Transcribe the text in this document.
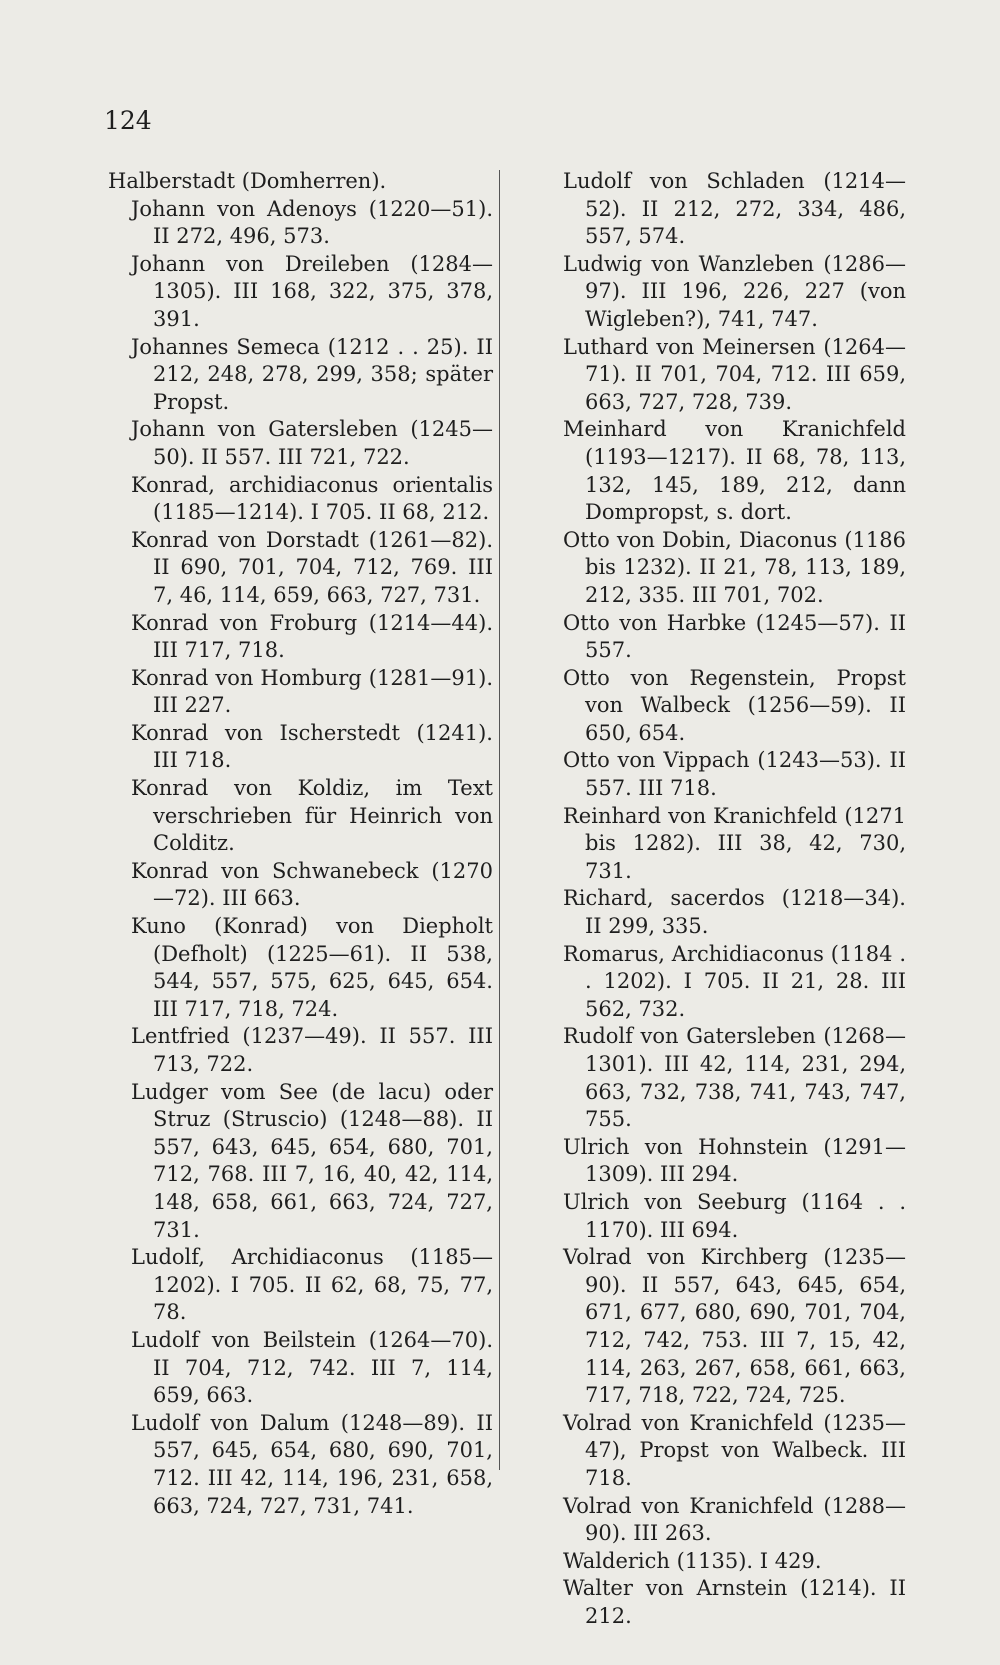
124

Halberstadt (Domherren).

Johann von Adenoys (1220—51). II 272, 496, 573.

Johann von Dreileben (1284—1305). III 168, 322, 375, 378, 391.

Johannes Semeca (1212 . . 25). II 212, 248, 278, 299, 358; später Propst.

Johann von Gatersleben (1245—50). II 557. III 721, 722.

Konrad, archidiaconus orientalis (1185—1214). I 705. II 68, 212.

Konrad von Dorstadt (1261—82). II 690, 701, 704, 712, 769. III 7, 46, 114, 659, 663, 727, 731.

Konrad von Froburg (1214—44). III 717, 718.

Konrad von Homburg (1281—91). III 227.

Konrad von Ischerstedt (1241). III 718.

Konrad von Koldiz, im Text verschrieben für Heinrich von Colditz.

Konrad von Schwanebeck (1270—72). III 663.

Kuno (Konrad) von Diepholt (Defholt) (1225—61). II 538, 544, 557, 575, 625, 645, 654. III 717, 718, 724.

Lentfried (1237—49). II 557. III 713, 722.

Ludger vom See (de lacu) oder Struz (Struscio) (1248—88). II 557, 643, 645, 654, 680, 701, 712, 768. III 7, 16, 40, 42, 114, 148, 658, 661, 663, 724, 727, 731.

Ludolf, Archidiaconus (1185—1202). I 705. II 62, 68, 75, 77, 78.

Ludolf von Beilstein (1264—70). II 704, 712, 742. III 7, 114, 659, 663.

Ludolf von Dalum (1248—89). II 557, 645, 654, 680, 690, 701, 712. III 42, 114, 196, 231, 658, 663, 724, 727, 731, 741.

Ludolf von Schladen (1214—52). II 212, 272, 334, 486, 557, 574.

Ludwig von Wanzleben (1286—97). III 196, 226, 227 (von Wigleben?), 741, 747.

Luthard von Meinersen (1264—71). II 701, 704, 712. III 659, 663, 727, 728, 739.

Meinhard von Kranichfeld (1193—1217). II 68, 78, 113, 132, 145, 189, 212, dann Dompropst, s. dort.

Otto von Dobin, Diaconus (1186 bis 1232). II 21, 78, 113, 189, 212, 335. III 701, 702.

Otto von Harbke (1245—57). II 557.

Otto von Regenstein, Propst von Walbeck (1256—59). II 650, 654.

Otto von Vippach (1243—53). II 557. III 718.

Reinhard von Kranichfeld (1271 bis 1282). III 38, 42, 730, 731.

Richard, sacerdos (1218—34). II 299, 335.

Romarus, Archidiaconus (1184 . . 1202). I 705. II 21, 28. III 562, 732.

Rudolf von Gatersleben (1268—1301). III 42, 114, 231, 294, 663, 732, 738, 741, 743, 747, 755.

Ulrich von Hohnstein (1291—1309). III 294.

Ulrich von Seeburg (1164 . . 1170). III 694.

Volrad von Kirchberg (1235—90). II 557, 643, 645, 654, 671, 677, 680, 690, 701, 704, 712, 742, 753. III 7, 15, 42, 114, 263, 267, 658, 661, 663, 717, 718, 722, 724, 725.

Volrad von Kranichfeld (1235—47), Propst von Walbeck. III 718.

Volrad von Kranichfeld (1288—90). III 263.

Walderich (1135). I 429.

Walter von Arnstein (1214). II 212.
